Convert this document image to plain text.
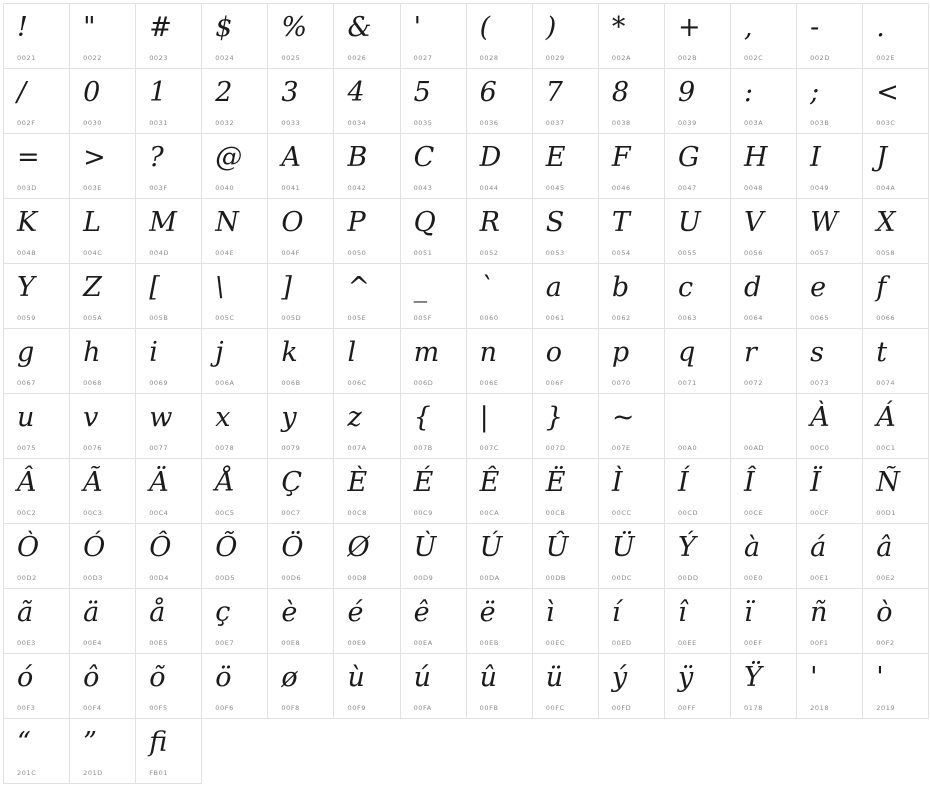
!
0021
"
0022
#
0023
$
0024
%
0025
&
0026
'
0027
(
0028
)
0029
*
002A
+
002B
,
002C
-
002D
.
002E
/
002F
0
0030
1
0031
2
0032
3
0033
4
0034
5
0035
6
0036
7
0037
8
0038
9
0039
:
003A
;
003B
<
003C
=
003D
>
003E
?
003F
@
0040
A
0041
B
0042
C
0043
D
0044
E
0045
F
0046
G
0047
H
0048
I
0049
J
004A
K
004B
L
004C
M
004D
N
004E
O
004F
P
0050
Q
0051
R
0052
S
0053
T
0054
U
0055
V
0056
W
0057
X
0058
Y
0059
Z
005A
[
005B
\
005C
]
005D
^
005E
_
005F
`
0060
a
0061
b
0062
c
0063
d
0064
e
0065
f
0066
g
0067
h
0068
i
0069
j
006A
k
006B
l
006C
m
006D
n
006E
o
006F
p
0070
q
0071
r
0072
s
0073
t
0074
u
0075
v
0076
w
0077
x
0078
y
0079
z
007A
{
007B
|
007C
}
007D
~
007E	00A0	00AD
À
00C0
Á
00C1
Â
00C2
Ã
00C3
Ä
00C4
Å
00C5
Ç
00C7
È
00C8
É
00C9
Ê
00CA
Ë
00CB
Ì
00CC
Í
00CD
Î
00CE
Ï
00CF
Ñ
00D1
Ò
00D2
Ó
00D3
Ô
00D4
Õ
00D5
Ö
00D6
Ø
00D8
Ù
00D9
Ú
00DA
Û
00DB
Ü
00DC
Ý
00DD
à
00E0
á
00E1
â
00E2
ã
00E3
ä
00E4
å
00E5
ç
00E7
è
00E8
é
00E9
ê
00EA
ë
00EB
ì
00EC
í
00ED
î
00EE
ï
00EF
ñ
00F1
ò
00F2
ó
00F3
ô
00F4
õ
00F5
ö
00F6
ø
00F8
ù
00F9
ú
00FA
û
00FB
ü
00FC
ý
00FD
ÿ
00FF
Ÿ
0178
'
2018
'
2019
“
201C
”
201D
ﬁ
FB01
